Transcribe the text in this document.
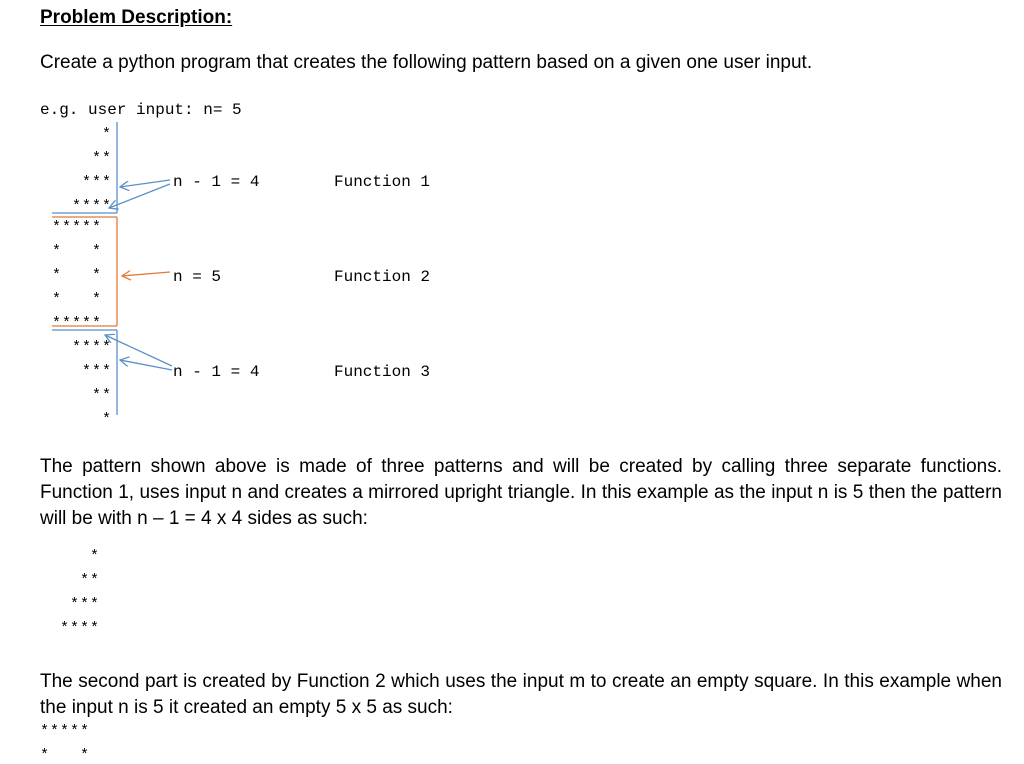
Problem Description:
Create a python program that creates the following pattern based on a given one user input.
e.g. user input: n= 5
*
**
***
****
*****
*   *
*   *
*   *
*****
****
***
**
*
n - 1 = 4	Function 1
n = 5	Function 2
n - 1 = 4	Function 3
The pattern shown above is made of three patterns and will be created by calling three separate functions. Function 1, uses input n and creates a mirrored upright triangle. In this example as the input n is 5 then the pattern will be with n – 1 = 4 x 4 sides as such:
*
**
***
****
The second part is created by Function 2 which uses the input m to create an empty square. In this example when the input n is 5 it created an empty 5 x 5 as such:
*****
*   *
